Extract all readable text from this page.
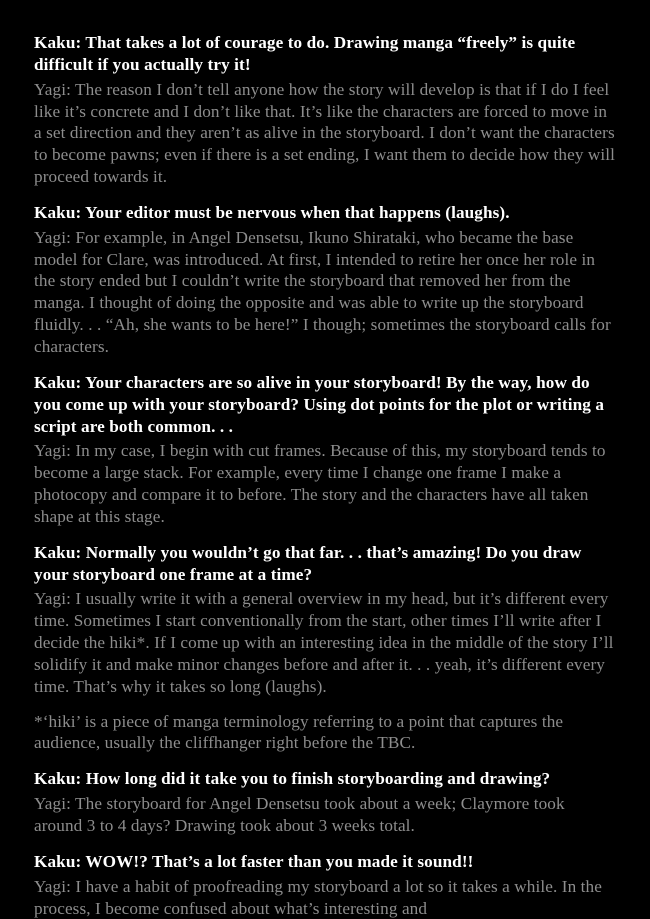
Kaku: That takes a lot of courage to do. Drawing manga “freely” is quite difficult if you actually try it!

Yagi: The reason I don’t tell anyone how the story will develop is that if I do I feel like it’s concrete and I don’t like that. It’s like the characters are forced to move in a set direction and they aren’t as alive in the storyboard. I don’t want the characters to become pawns; even if there is a set ending, I want them to decide how they will proceed towards it.

Kaku: Your editor must be nervous when that happens (laughs).

Yagi: For example, in Angel Densetsu, Ikuno Shirataki, who became the base model for Clare, was introduced. At first, I intended to retire her once her role in the story ended but I couldn’t write the storyboard that removed her from the manga. I thought of doing the opposite and was able to write up the storyboard fluidly. . . “Ah, she wants to be here!” I though; sometimes the storyboard calls for characters.

Kaku: Your characters are so alive in your storyboard! By the way, how do you come up with your storyboard? Using dot points for the plot or writing a script are both common. . .

Yagi: In my case, I begin with cut frames. Because of this, my storyboard tends to become a large stack. For example, every time I change one frame I make a photocopy and compare it to before. The story and the characters have all taken shape at this stage.

Kaku: Normally you wouldn’t go that far. . . that’s amazing! Do you draw your storyboard one frame at a time?

Yagi: I usually write it with a general overview in my head, but it’s different every time. Sometimes I start conventionally from the start, other times I’ll write after I decide the hiki*. If I come up with an interesting idea in the middle of the story I’ll solidify it and make minor changes before and after it. . . yeah, it’s different every time. That’s why it takes so long (laughs).

*‘hiki’ is a piece of manga terminology referring to a point that captures the audience, usually the cliffhanger right before the TBC.

Kaku: How long did it take you to finish storyboarding and drawing?

Yagi: The storyboard for Angel Densetsu took about a week; Claymore took around 3 to 4 days? Drawing took about 3 weeks total.

Kaku: WOW!? That’s a lot faster than you made it sound!!

Yagi: I have a habit of proofreading my storyboard a lot so it takes a while. In the process, I become confused about what’s interesting and
